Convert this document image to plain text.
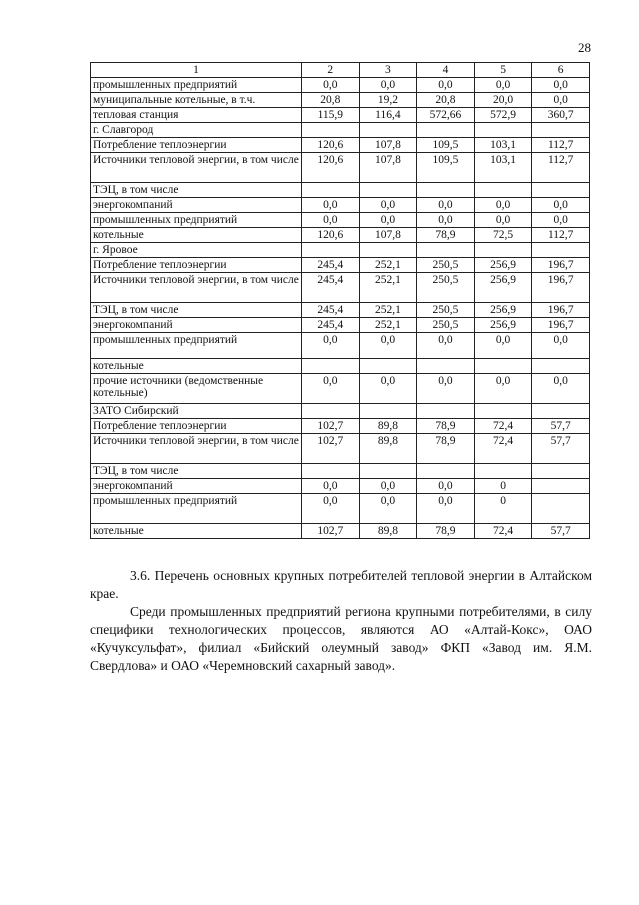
28
1	2	3	4	5	6
промышленных предприятий	0,0	0,0	0,0	0,0	0,0
муниципальные котельные, в т.ч.	20,8	19,2	20,8	20,0	0,0
тепловая станция	115,9	116,4	572,66	572,9	360,7
г. Славгород					
Потребление теплоэнергии	120,6	107,8	109,5	103,1	112,7
Источники тепловой энергии, в том числе	120,6	107,8	109,5	103,1	112,7
ТЭЦ, в том числе					
энергокомпаний	0,0	0,0	0,0	0,0	0,0
промышленных предприятий	0,0	0,0	0,0	0,0	0,0
котельные	120,6	107,8	78,9	72,5	112,7
г. Яровое					
Потребление теплоэнергии	245,4	252,1	250,5	256,9	196,7
Источники тепловой энергии, в том числе	245,4	252,1	250,5	256,9	196,7
ТЭЦ, в том числе	245,4	252,1	250,5	256,9	196,7
энергокомпаний	245,4	252,1	250,5	256,9	196,7
промышленных предприятий	0,0	0,0	0,0	0,0	0,0
котельные					
прочие источники (ведомственные котельные)	0,0	0,0	0,0	0,0	0,0
ЗАТО Сибирский					
Потребление теплоэнергии	102,7	89,8	78,9	72,4	57,7
Источники тепловой энергии, в том числе	102,7	89,8	78,9	72,4	57,7
ТЭЦ, в том числе					
энергокомпаний	0,0	0,0	0,0	0	
промышленных предприятий	0,0	0,0	0,0	0	
котельные	102,7	89,8	78,9	72,4	57,7
3.6. Перечень основных крупных потребителей тепловой энергии в Алтайском крае.
Среди промышленных предприятий региона крупными потребителями, в силу специфики технологических процессов, являются АО «Алтай-Кокс», ОАО «Кучуксульфат», филиал «Бийский олеумный завод» ФКП «Завод им. Я.М. Свердлова» и ОАО «Черемновский сахарный завод».
